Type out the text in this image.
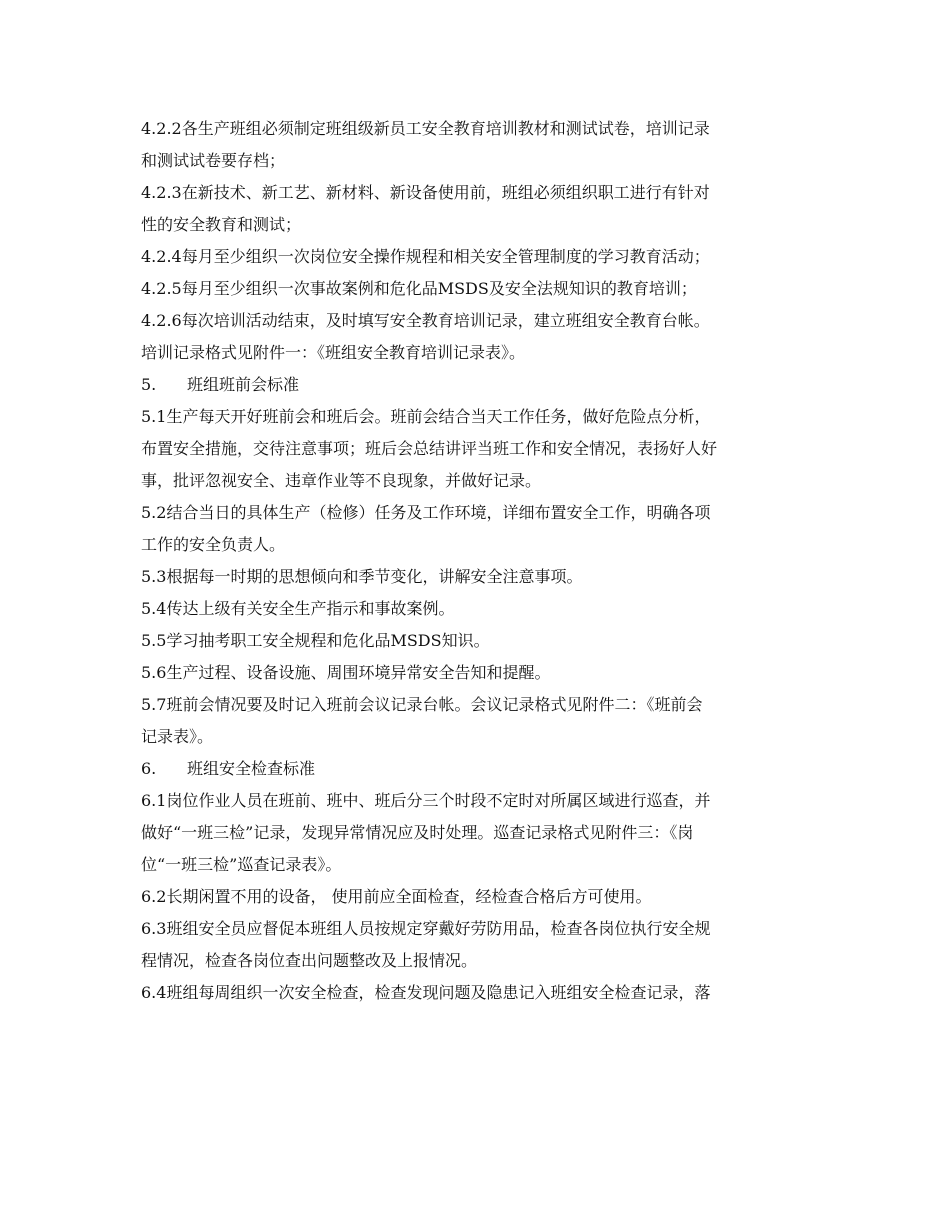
4.2.2各生产班组必须制定班组级新员工安全教育培训教材和测试试卷，培训记录
和测试试卷要存档；
4.2.3在新技术、新工艺、新材料、新设备使用前，班组必须组织职工进行有针对
性的安全教育和测试；
4.2.4每月至少组织一次岗位安全操作规程和相关安全管理制度的学习教育活动；
4.2.5每月至少组织一次事故案例和危化品MSDS及安全法规知识的教育培训；
4.2.6每次培训活动结束，及时填写安全教育培训记录，建立班组安全教育台帐。
培训记录格式见附件一：《班组安全教育培训记录表》。
5. 班组班前会标准
5.1生产每天开好班前会和班后会。班前会结合当天工作任务，做好危险点分析，
布置安全措施，交待注意事项；班后会总结讲评当班工作和安全情况，表扬好人好
事，批评忽视安全、违章作业等不良现象，并做好记录。
5.2结合当日的具体生产（检修）任务及工作环境，详细布置安全工作，明确各项
工作的安全负责人。
5.3根据每一时期的思想倾向和季节变化，讲解安全注意事项。
5.4传达上级有关安全生产指示和事故案例。
5.5学习抽考职工安全规程和危化品MSDS知识。
5.6生产过程、设备设施、周围环境异常安全告知和提醒。
5.7班前会情况要及时记入班前会议记录台帐。会议记录格式见附件二：《班前会
记录表》。
6. 班组安全检查标准
6.1岗位作业人员在班前、班中、班后分三个时段不定时对所属区域进行巡查，并
做好“一班三检”记录，发现异常情况应及时处理。巡查记录格式见附件三：《岗
位“一班三检”巡查记录表》。
6.2长期闲置不用的设备， 使用前应全面检查，经检查合格后方可使用。
6.3班组安全员应督促本班组人员按规定穿戴好劳防用品，检查各岗位执行安全规
程情况，检查各岗位查出问题整改及上报情况。
6.4班组每周组织一次安全检查，检查发现问题及隐患记入班组安全检查记录，落
